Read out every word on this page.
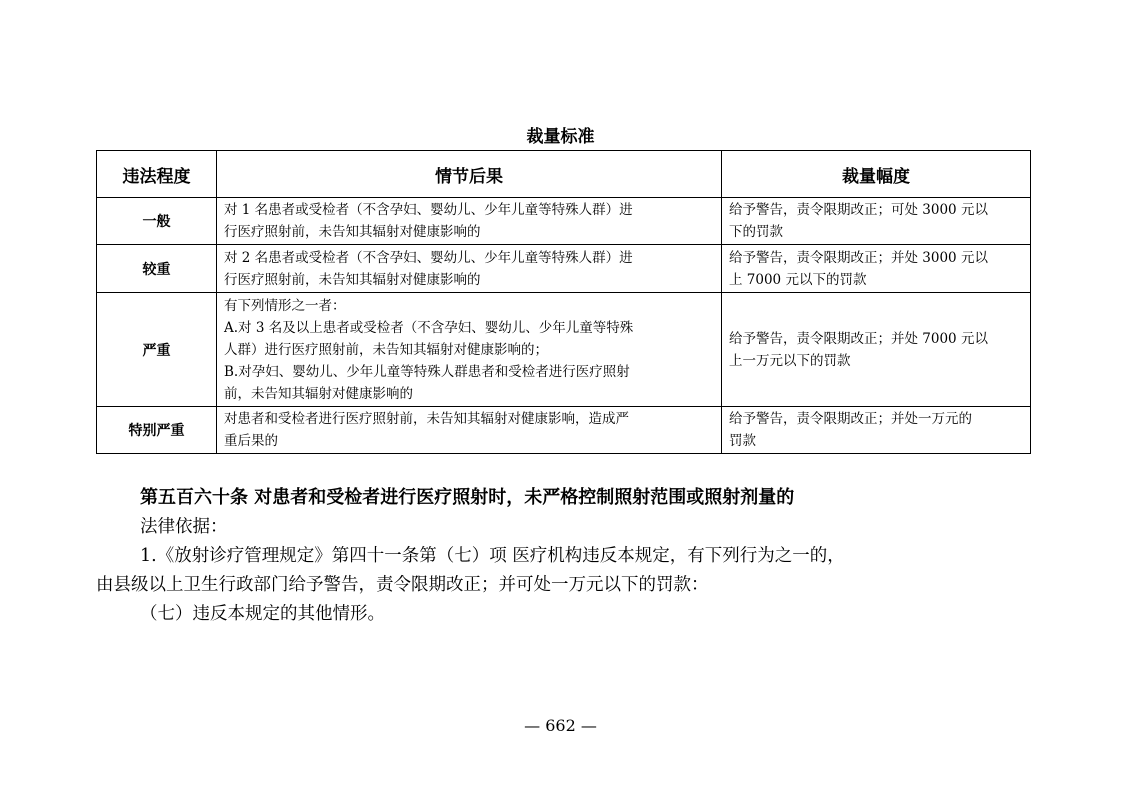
裁量标准
违法程度	情节后果	裁量幅度
一般	对 1 名患者或受检者（不含孕妇、婴幼儿、少年儿童等特殊人群）进
行医疗照射前，未告知其辐射对健康影响的	给予警告，责令限期改正；可处 3000 元以
下的罚款

较重	对 2 名患者或受检者（不含孕妇、婴幼儿、少年儿童等特殊人群）进
行医疗照射前，未告知其辐射对健康影响的	给予警告，责令限期改正；并处 3000 元以
上 7000 元以下的罚款

严重	有下列情形之一者：
A.对 3 名及以上患者或受检者（不含孕妇、婴幼儿、少年儿童等特殊
人群）进行医疗照射前，未告知其辐射对健康影响的；
B.对孕妇、婴幼儿、少年儿童等特殊人群患者和受检者进行医疗照射
前，未告知其辐射对健康影响的	给予警告，责令限期改正；并处 7000 元以
上一万元以下的罚款

特别严重	对患者和受检者进行医疗照射前，未告知其辐射对健康影响，造成严
重后果的	给予警告，责令限期改正；并处一万元的
罚款
第五百六十条 对患者和受检者进行医疗照射时，未严格控制照射范围或照射剂量的
法律依据：
1.《放射诊疗管理规定》第四十一条第（七）项 医疗机构违反本规定，有下列行为之一的，
由县级以上卫生行政部门给予警告，责令限期改正；并可处一万元以下的罚款：
（七）违反本规定的其他情形。
— 662 —
